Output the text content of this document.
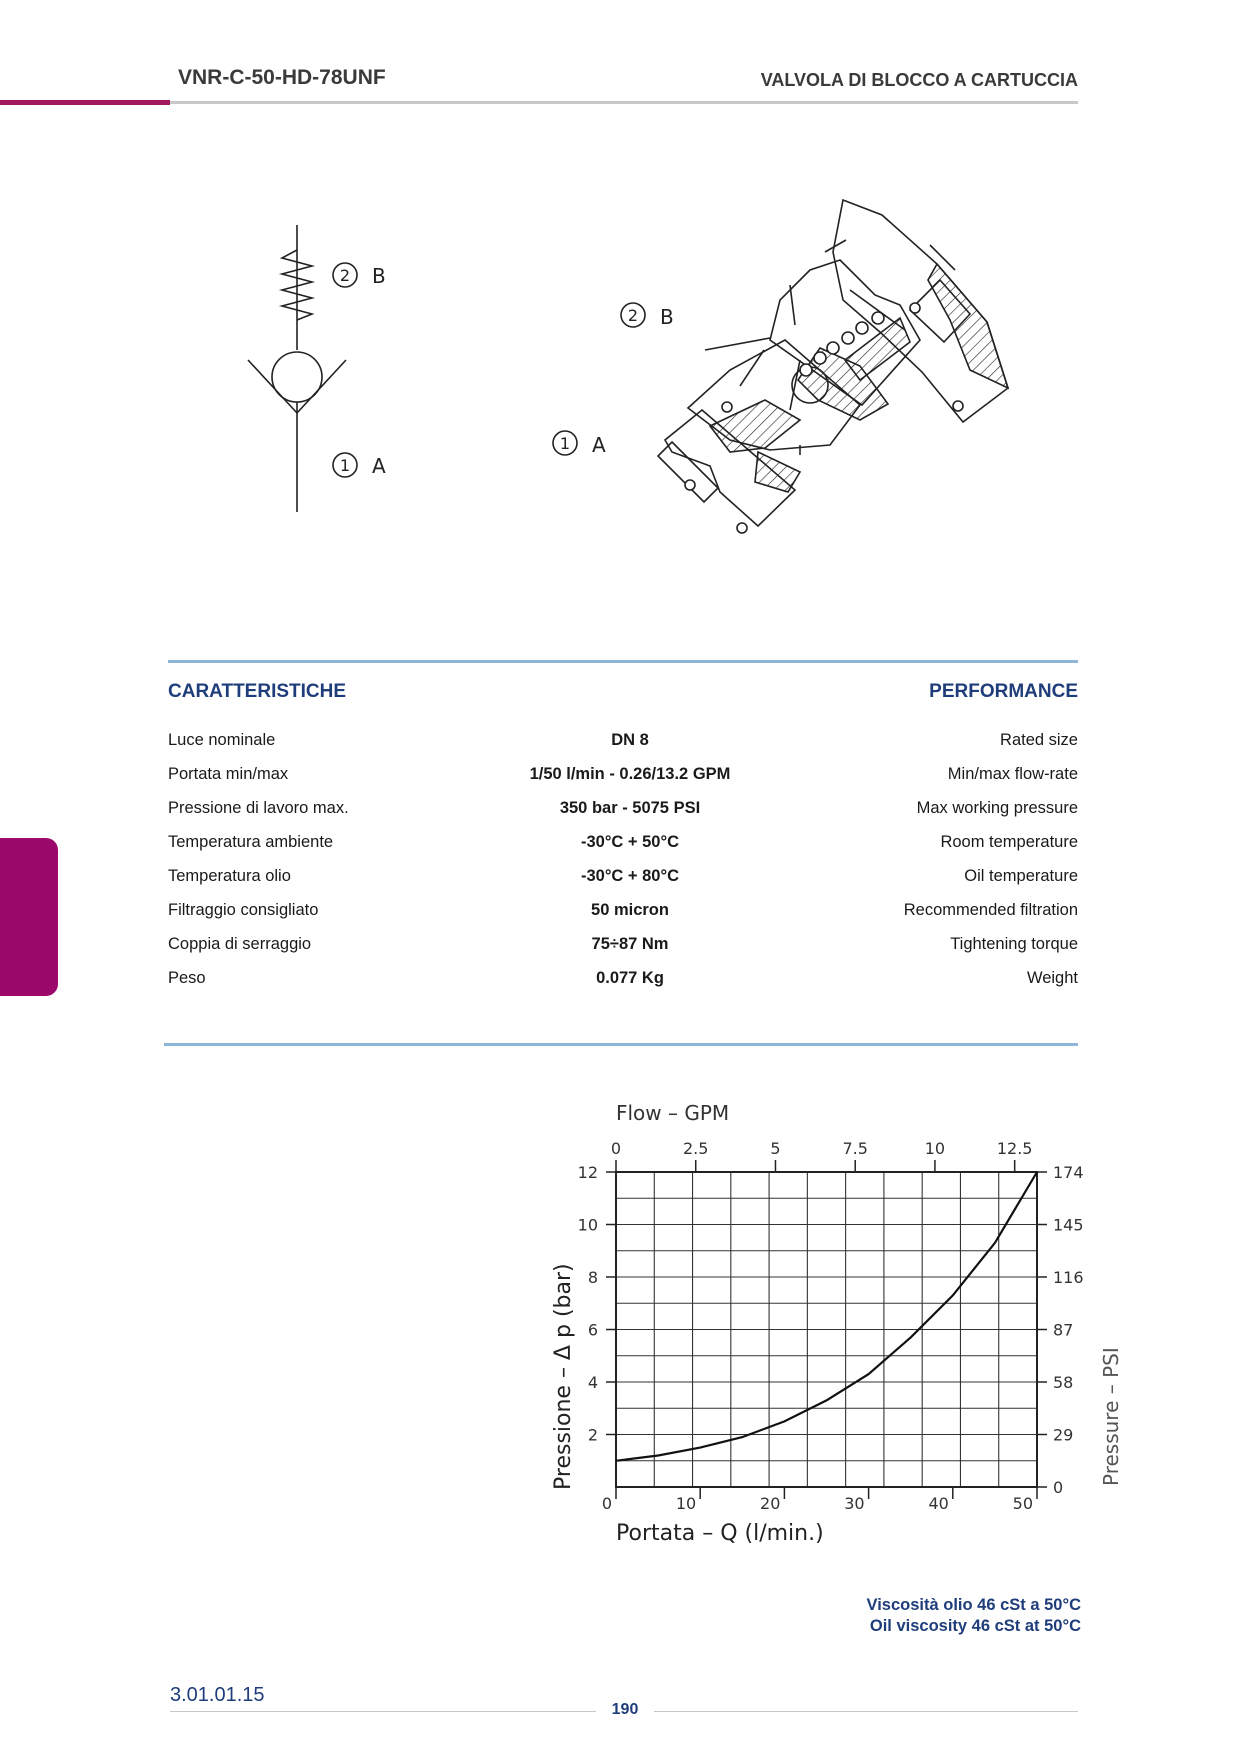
VNR-C-50-HD-78UNF	VALVOLA DI BLOCCO A CARTUCCIA
2 B
1 A
2 B
1 A
CARATTERISTICHE	PERFORMANCE
Luce nominale	DN 8	Rated size
Portata min/max	1/50 l/min - 0.26/13.2 GPM	Min/max flow-rate
Pressione di lavoro max.	350 bar - 5075 PSI	Max working pressure
Temperatura ambiente	-30°C + 50°C	Room temperature
Temperatura olio	-30°C + 80°C	Oil temperature
Filtraggio consigliato	50 micron	Recommended filtration
Coppia di serraggio	75÷87 Nm	Tightening torque
Peso	0.077 Kg	Weight
0	10	20	30	40	50
2
4
6
8
10
12
0	2.5	5	7.5	10	12.5
0
29
58
87
116
145
174
Flow – GPM
Portata – Q (l/min.)
Pressione – Δ p (bar)	Pressure – PSI
Viscosità olio 46 cSt a 50°C
Oil viscosity 46 cSt at 50°C
3.01.01.15
190
